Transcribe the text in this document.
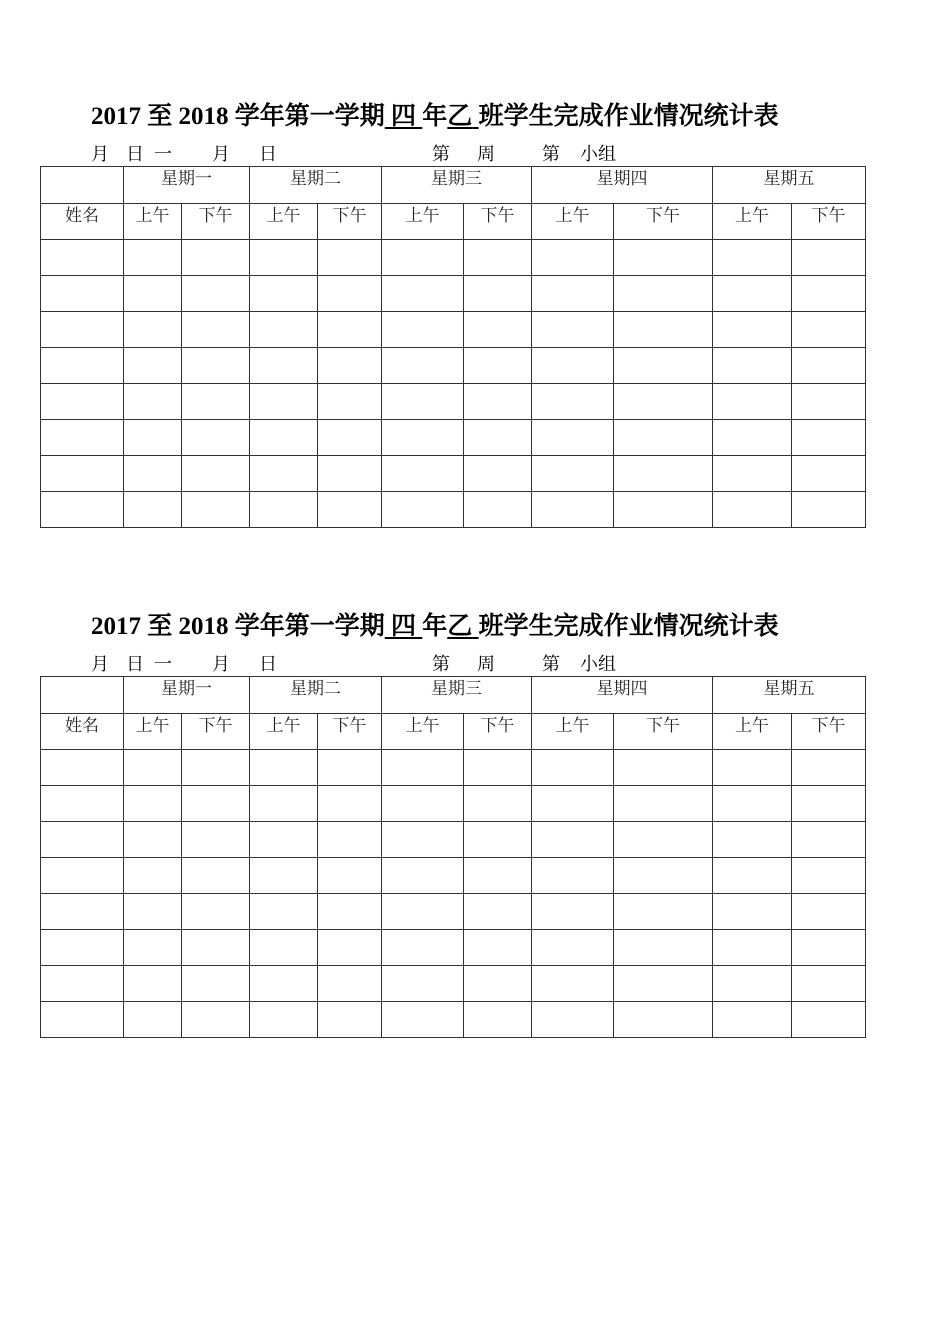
2017 至 2018 学年第一学期 四 年乙 班学生完成作业情况统计表
月 日 一 月 日	第 周	第 小组
	星期一		星期二		星期三		星期四		星期五	
姓名	上午	下午	上午	下午	上午	下午	上午	下午	上午	下午

2017 至 2018 学年第一学期 四 年乙 班学生完成作业情况统计表
月 日 一 月 日	第 周	第 小组
	星期一		星期二		星期三		星期四		星期五	
姓名	上午	下午	上午	下午	上午	下午	上午	下午	上午	下午
